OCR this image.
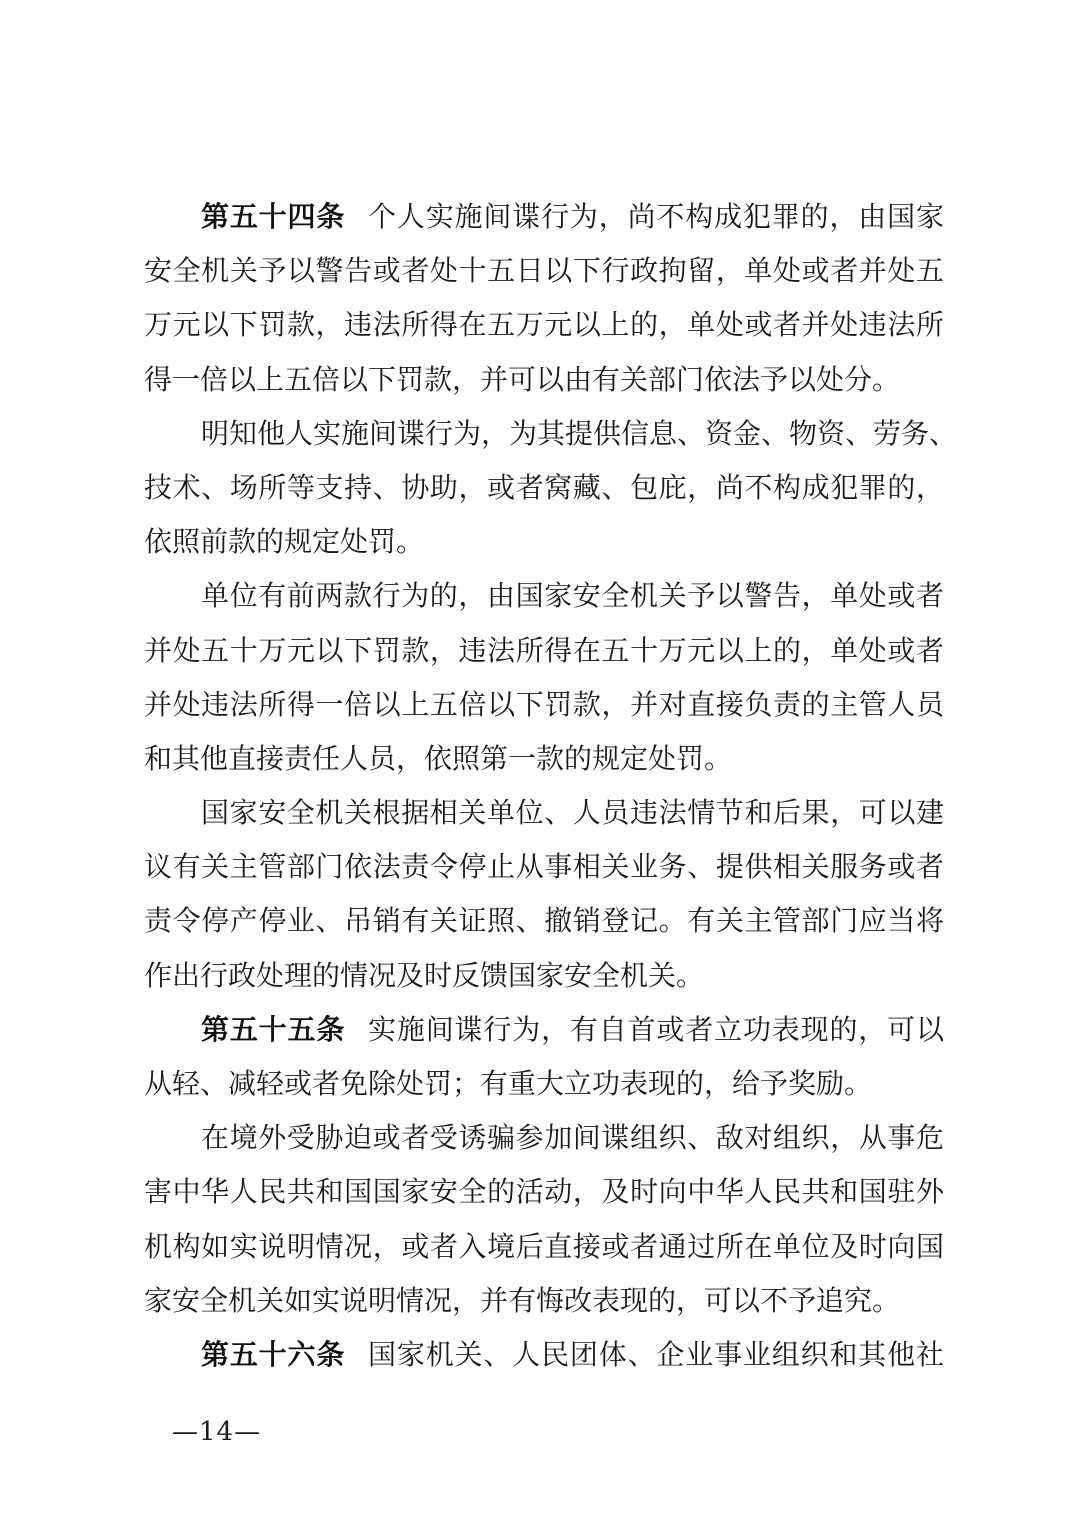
第五十四条 个人实施间谍行为，尚不构成犯罪的，由国家
安全机关予以警告或者处十五日以下行政拘留，单处或者并处五
万元以下罚款，违法所得在五万元以上的，单处或者并处违法所
得一倍以上五倍以下罚款，并可以由有关部门依法予以处分。
明知他人实施间谍行为，为其提供信息、资金、物资、劳务、
技术、场所等支持、协助，或者窝藏、包庇，尚不构成犯罪的，
依照前款的规定处罚。
单位有前两款行为的，由国家安全机关予以警告，单处或者
并处五十万元以下罚款，违法所得在五十万元以上的，单处或者
并处违法所得一倍以上五倍以下罚款，并对直接负责的主管人员
和其他直接责任人员，依照第一款的规定处罚。
国家安全机关根据相关单位、人员违法情节和后果，可以建
议有关主管部门依法责令停止从事相关业务、提供相关服务或者
责令停产停业、吊销有关证照、撤销登记。有关主管部门应当将
作出行政处理的情况及时反馈国家安全机关。
第五十五条 实施间谍行为，有自首或者立功表现的，可以
从轻、减轻或者免除处罚；有重大立功表现的，给予奖励。
在境外受胁迫或者受诱骗参加间谍组织、敌对组织，从事危
害中华人民共和国国家安全的活动，及时向中华人民共和国驻外
机构如实说明情况，或者入境后直接或者通过所在单位及时向国
家安全机关如实说明情况，并有悔改表现的，可以不予追究。
第五十六条 国家机关、人民团体、企业事业组织和其他社
—14—
